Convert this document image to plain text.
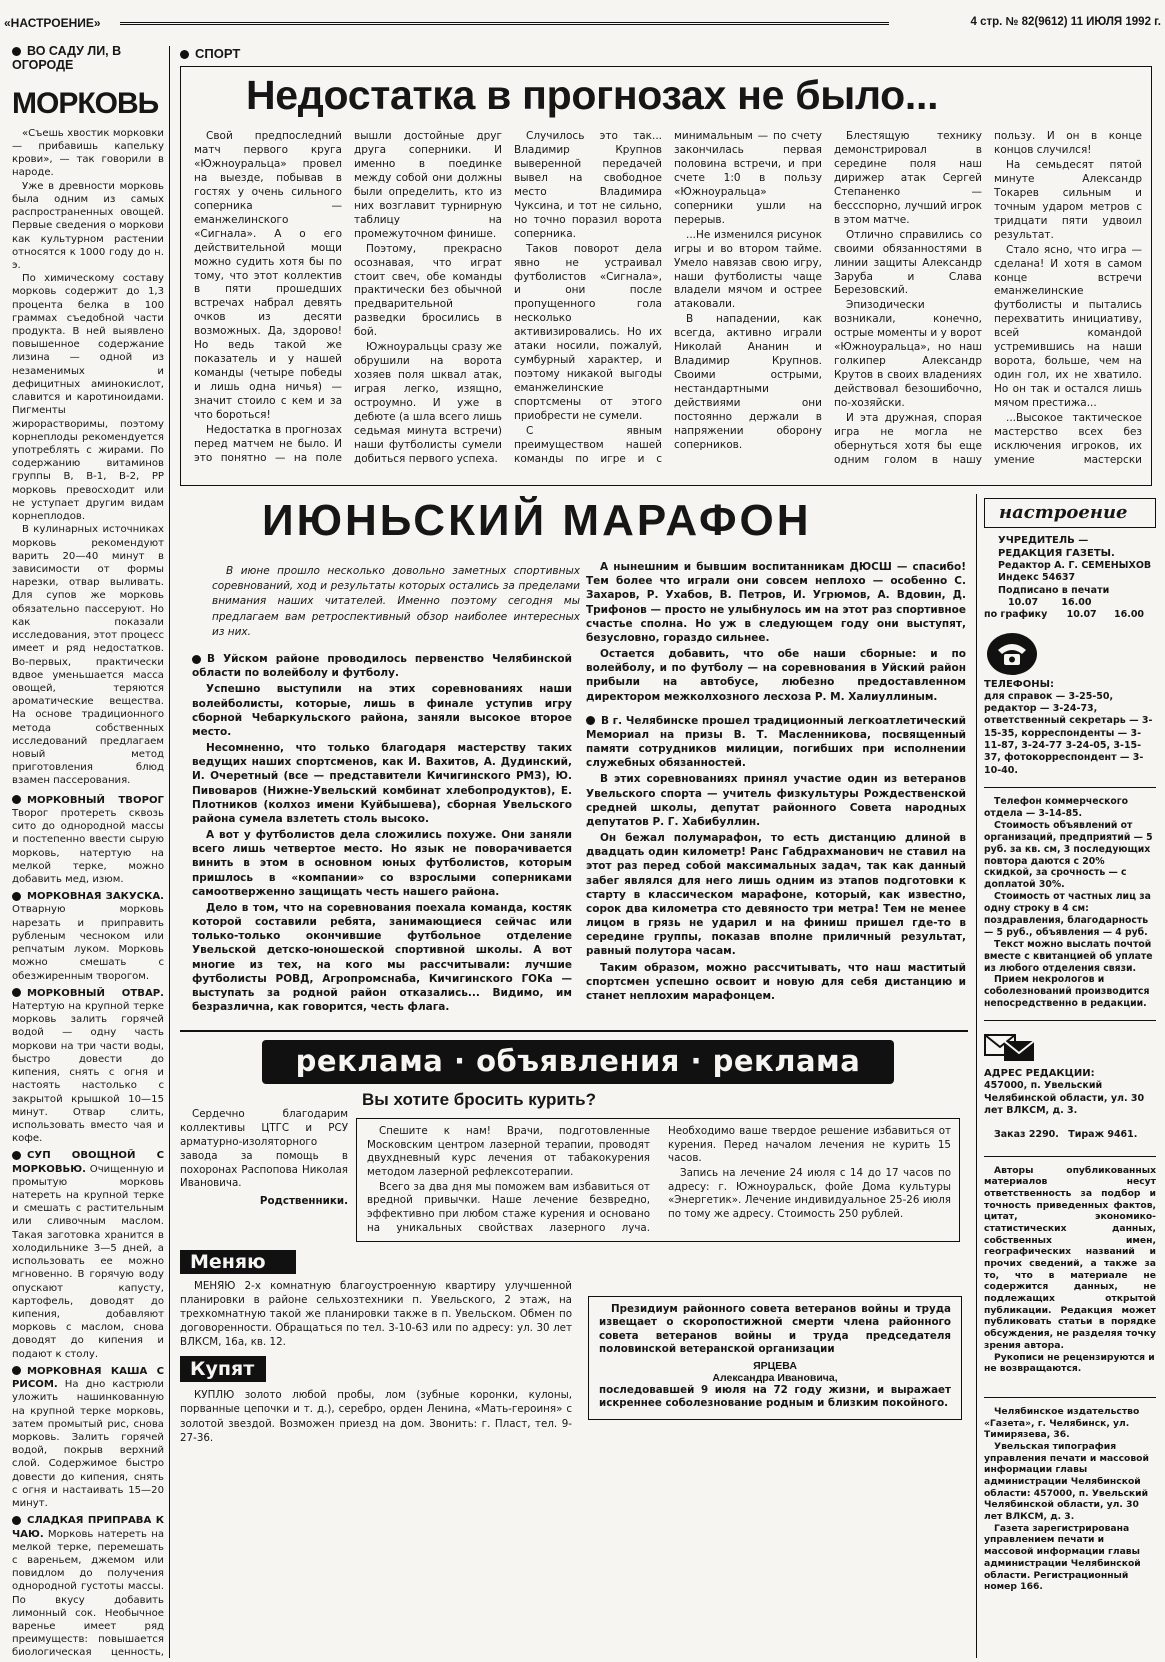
«НАСТРОЕНИЕ»	4 стр. № 82(9612) 11 ИЮЛЯ 1992 г.
ВО САДУ ЛИ, В ОГОРОДЕ
МОРКОВЬ

«Съешь хвостик морковки — прибавишь капельку крови», — так говорили в народе.

Уже в древности морковь была одним из самых распространенных овощей. Первые сведения о моркови как культурном растении относятся к 1000 году до н. э.

По химическому составу морковь содержит до 1,3 процента белка в 100 граммах съедобной части продукта. В ней выявлено повышенное содержание лизина — одной из незаменимых и дефицитных аминокислот, славится и каротиноидами. Пигменты жирорастворимы, поэтому корнеплоды рекомендуется употреблять с жирами. По содержанию витаминов группы В, В-1, В-2, РР морковь превосходит или не уступает другим видам корнеплодов.

В кулинарных источниках морковь рекомендуют варить 20—40 минут в зависимости от формы нарезки, отвар выливать. Для супов же морковь обязательно пассеруют. Но как показали исследования, этот процесс имеет и ряд недостатков. Во-первых, практически вдвое уменьшается масса овощей, теряются ароматические вещества. На основе традиционного метода собственных исследований предлагаем новый метод приготовления блюд взамен пассерования.

МОРКОВНЫЙ ТВОРОГ Творог протереть сквозь сито до однородной массы и постепенно ввести сырую морковь, натертую на мелкой терке, можно добавить мед, изюм.

МОРКОВНАЯ ЗАКУСКА. Отварную морковь нарезать и приправить рубленым чесноком или репчатым луком. Морковь можно смешать с обезжиренным творогом.

МОРКОВНЫЙ ОТВАР. Натертую на крупной терке морковь залить горячей водой — одну часть моркови на три части воды, быстро довести до кипения, снять с огня и настоять настолько с закрытой крышкой 10—15 минут. Отвар слить, использовать вместо чая и кофе.

СУП ОВОЩНОЙ С МОРКОВЬЮ. Очищенную и промытую морковь натереть на крупной терке и смешать с растительным или сливочным маслом. Такая заготовка хранится в холодильнике 3—5 дней, а использовать ее можно мгновенно. В горячую воду опускают капусту, картофель, доводят до кипения, добавляют морковь с маслом, снова доводят до кипения и подают к столу.

МОРКОВНАЯ КАША С РИСОМ. На дно кастрюли уложить нашинкованную на крупной терке морковь, затем промытый рис, снова морковь. Залить горячей водой, покрыв верхний слой. Содержимое быстро довести до кипения, снять с огня и настаивать 15—20 минут.

СЛАДКАЯ ПРИПРАВА К ЧАЮ. Морковь натереть на мелкой терке, перемешать с вареньем, джемом или повидлом до получения однородной густоты массы. По вкусу добавить лимонный сок. Необычное варенье имеет ряд преимуществ: повышается биологическая ценность,

СПОРТ
Недостатка в прогнозах не было...

Свой предпоследний матч первого круга «Южноуральца» провел на выезде, побывав в гостях у очень сильного соперника — еманжелинского «Сигнала». А о его действительной мощи можно судить хотя бы по тому, что этот коллектив в пяти прошедших встречах набрал девять очков из десяти возможных. Да, здорово! Но ведь такой же показатель и у нашей команды (четыре победы и лишь одна ничья) — значит стоило с кем и за что бороться!

Недостатка в прогнозах перед матчем не было. И это понятно — на поле вышли достойные друг друга соперники. И именно в поединке между собой они должны были определить, кто из них возглавит турнирную таблицу на промежуточном финише.

Поэтому, прекрасно осознавая, что играт стоит свеч, обе команды практически без обычной предварительной разведки бросились в бой.

Южноуральцы сразу же обрушили на ворота хозяев поля шквал атак, играя легко, изящно, остроумно. И уже в дебюте (а шла всего лишь седьмая минута встречи) наши футболисты сумели добиться первого успеха.

Случилось это так... Владимир Крупнов выверенной передачей вывел на свободное место Владимира Чуксина, и тот не сильно, но точно поразил ворота соперника.

Таков поворот дела явно не устраивал футболистов «Сигнала», и они после пропущенного гола несколько активизировались. Но их атаки носили, пожалуй, сумбурный характер, и поэтому никакой выгоды еманжелинские спортсмены от этого приобрести не сумели.

С явным преимуществом нашей команды по игре и с минимальным — по счету закончилась первая половина встречи, и при счете 1:0 в пользу «Южноуральца» соперники ушли на перерыв.

...Не изменился рисунок игры и во втором тайме. Умело навязав свою игру, наши футболисты чаще владели мячом и острее атаковали.

В нападении, как всегда, активно играли Николай Ананин и Владимир Крупнов. Своими острыми, нестандартными действиями они постоянно держали в напряжении оборону соперников.

Блестящую технику демонстрировал в середине поля наш дирижер атак Сергей Степаненко — бессспорно, лучший игрок в этом матче.

Отлично справились со своими обязанностями в линии защиты Александр Заруба и Слава Березовский.

Эпизодически возникали, конечно, острые моменты и у ворот «Южноуральца», но наш голкипер Александр Крутов в своих владениях действовал безошибочно, по-хозяйски.

И эта дружная, спорая игра не могла не обернуться хотя бы еще одним голом в нашу пользу. И он в конце концов случился!

На семьдесят пятой минуте Александр Токарев сильным и точным ударом метров с тридцати пяти удвоил результат.

Стало ясно, что игра — сделана! И хотя в самом конце встречи еманжелинские футболисты и пытались перехватить инициативу, всей командой устремившись на наши ворота, больше, чем на один гол, их не хватило. Но он так и остался лишь мячом престижа...

...Высокое тактическое мастерство всех без исключения игроков, их умение мастерски

ИЮНЬСКИЙ МАРАФОН
В июне прошло несколько довольно заметных спортивных соревнований, ход и результаты которых остались за пределами внимания наших читателей. Именно поэтому сегодня мы предлагаем вам ретроспективный обзор наиболее интересных из них.

В Уйском районе проводилось первенство Челябинской области по волейболу и футболу.

Успешно выступили на этих соревнованиях наши волейболисты, которые, лишь в финале уступив игру сборной Чебаркульского района, заняли высокое второе место.

Несомненно, что только благодаря мастерству таких ведущих наших спортсменов, как И. Вахитов, А. Дудинский, И. Очеретный (все — представители Кичигинского РМЗ), Ю. Пивоваров (Нижне-Увельский комбинат хлебопродуктов), Е. Плотников (колхоз имени Куйбышева), сборная Увельского района сумела взлететь столь высоко.

А вот у футболистов дела сложились похуже. Они заняли всего лишь четвертое место. Но язык не поворачивается винить в этом в основном юных футболистов, которым пришлось в «компании» со взрослыми соперниками самоотверженно защищать честь нашего района.

Дело в том, что на соревнования поехала команда, костяк которой составили ребята, занимающиеся сейчас или только-только окончившие футбольное отделение Увельской детско-юношеской спортивной школы. А вот многие из тех, на кого мы рассчитывали: лучшие футболисты РОВД, Агропромснаба, Кичигинского ГОКа — выступать за родной район отказались... Видимо, им безразлична, как говорится, честь флага.

А нынешним и бывшим воспитанникам ДЮСШ — спасибо! Тем более что играли они совсем неплохо — особенно С. Захаров, Р. Ухабов, В. Петров, И. Угрюмов, А. Вдовин, Д. Трифонов — просто не улыбнулось им на этот раз спортивное счастье сполна. Но уж в следующем году они выступят, безусловно, гораздо сильнее.

Остается добавить, что обе наши сборные: и по волейболу, и по футболу — на соревнования в Уйский район прибыли на автобусе, любезно предоставленном директором межколхозного лесхоза Р. М. Халиуллиным.

В г. Челябинске прошел традиционный легкоатлетический Мемориал на призы В. Т. Масленникова, посвященный памяти сотрудников милиции, погибших при исполнении служебных обязанностей.

В этих соревнованиях принял участие один из ветеранов Увельского спорта — учитель физкультуры Рождественской средней школы, депутат районного Совета народных депутатов Р. Г. Хабибуллин.

Он бежал полумарафон, то есть дистанцию длиной в двадцать один километр! Ранс Габдрахманович не ставил на этот раз перед собой максимальных задач, так как данный забег являлся для него лишь одним из этапов подготовки к старту в классическом марафоне, который, как известно, сорок два километра сто девяносто три метра! Тем не менее лицом в грязь не ударил и на финиш пришел где-то в середине группы, показав вполне приличный результат, равный полутора часам.

Таким образом, можно рассчитывать, что наш маститый спортсмен успешно освоит и новую для себя дистанцию и станет неплохим марафонцем.

настроение
УЧРЕДИТЕЛЬ — РЕДАКЦИЯ ГАЗЕТЫ.
Редактор А. Г. СЕМЕНЫХОВ
Индекс 54637
Подписано в печати
10.07 16.00
по графику 10.07 16.00
ТЕЛЕФОНЫ:
для справок — 3-25-50, редактор — 3-24-73, ответственный секретарь — 3-15-35, корреспонденты — 3-11-87, 3-24-77 3-24-05, 3-15-37, фотокорреспондент — 3-10-40.
Телефон коммерческого отдела — 3-14-85.
Стоимость объявлений от организаций, предприятий — 5 руб. за кв. см, 3 последующих повтора даются с 20% скидкой, за срочность — с доплатой 30%.
Стоимость от частных лиц за одну строку в 4 см: поздравления, благодарность — 5 руб., объявления — 4 руб.
Текст можно выслать почтой вместе с квитанцией об уплате из любого отделения связи.
Прием некрологов и соболезнований производится непосредственно в редакции.
АДРЕС РЕДАКЦИИ:
457000, п. Увельский Челябинской области, ул. 30 лет ВЛКСМ, д. 3.
Заказ 2290. Тираж 9461.
Авторы опубликованных материалов несут ответственность за подбор и точность приведенных фактов, цитат, экономико-статистических данных, собственных имен, географических названий и прочих сведений, а также за то, что в материале не содержится данных, не подлежащих открытой публикации. Редакция может публиковать статьи в порядке обсуждения, не разделяя точку зрения автора.
Рукописи не рецензируются и не возвращаются.
Челябинское издательство «Газета», г. Челябинск, ул. Тимирязева, 36.
Увельская типография управления печати и массовой информации главы администрации Челябинской области: 457000, п. Увельский Челябинской области, ул. 30 лет ВЛКСМ, д. 3.
Газета зарегистрирована управлением печати и массовой информации главы администрации Челябинской области. Регистрационный номер 166.
реклама · объявления · реклама

Сердечно благодарим коллективы ЦТГС и РСУ арматурно-изоляторного завода за помощь в похоронах Распопова Николая Ивановича.

Родственники.

Вы хотите бросить курить?

Спешите к нам! Врачи, подготовленные Московским центром лазерной терапии, проводят двухдневный курс лечения от табакокурения методом лазерной рефлексотерапии.

Всего за два дня мы поможем вам избавиться от вредной привычки. Наше лечение безвредно, эффективно при любом стаже курения и основано на уникальных свойствах лазерного луча. Необходимо ваше твердое решение избавиться от курения. Перед началом лечения не курить 15 часов.

Запись на лечение 24 июля с 14 до 17 часов по адресу: г. Южноуральск, фойе Дома культуры «Энергетик». Лечение индивидуальное 25-26 июля по тому же адресу. Стоимость 250 рублей.

Меняю
МЕНЯЮ 2-х комнатную благоустроенную квартиру улучшенной планировки в районе сельхозтехники п. Увельского, 2 этаж, на трехкомнатную такой же планировки также в п. Увельском. Обмен по договоренности. Обращаться по тел. 3-10-63 или по адресу: ул. 30 лет ВЛКСМ, 16а, кв. 12.
Купят
КУПЛЮ золото любой пробы, лом (зубные коронки, кулоны, порванные цепочки и т. д.), серебро, орден Ленина, «Мать-героиня» с золотой звездой. Возможен приезд на дом. Звонить: г. Пласт, тел. 9-27-36.
Президиум районного совета ветеранов войны и труда извещает о скоропостижной смерти члена районного совета ветеранов войны и труда председателя половинской ветеранской организации
ЯРЦЕВА
Александра Ивановича,
последовавшей 9 июля на 72 году жизни, и выражает искреннее соболезнование родным и близким покойного.
